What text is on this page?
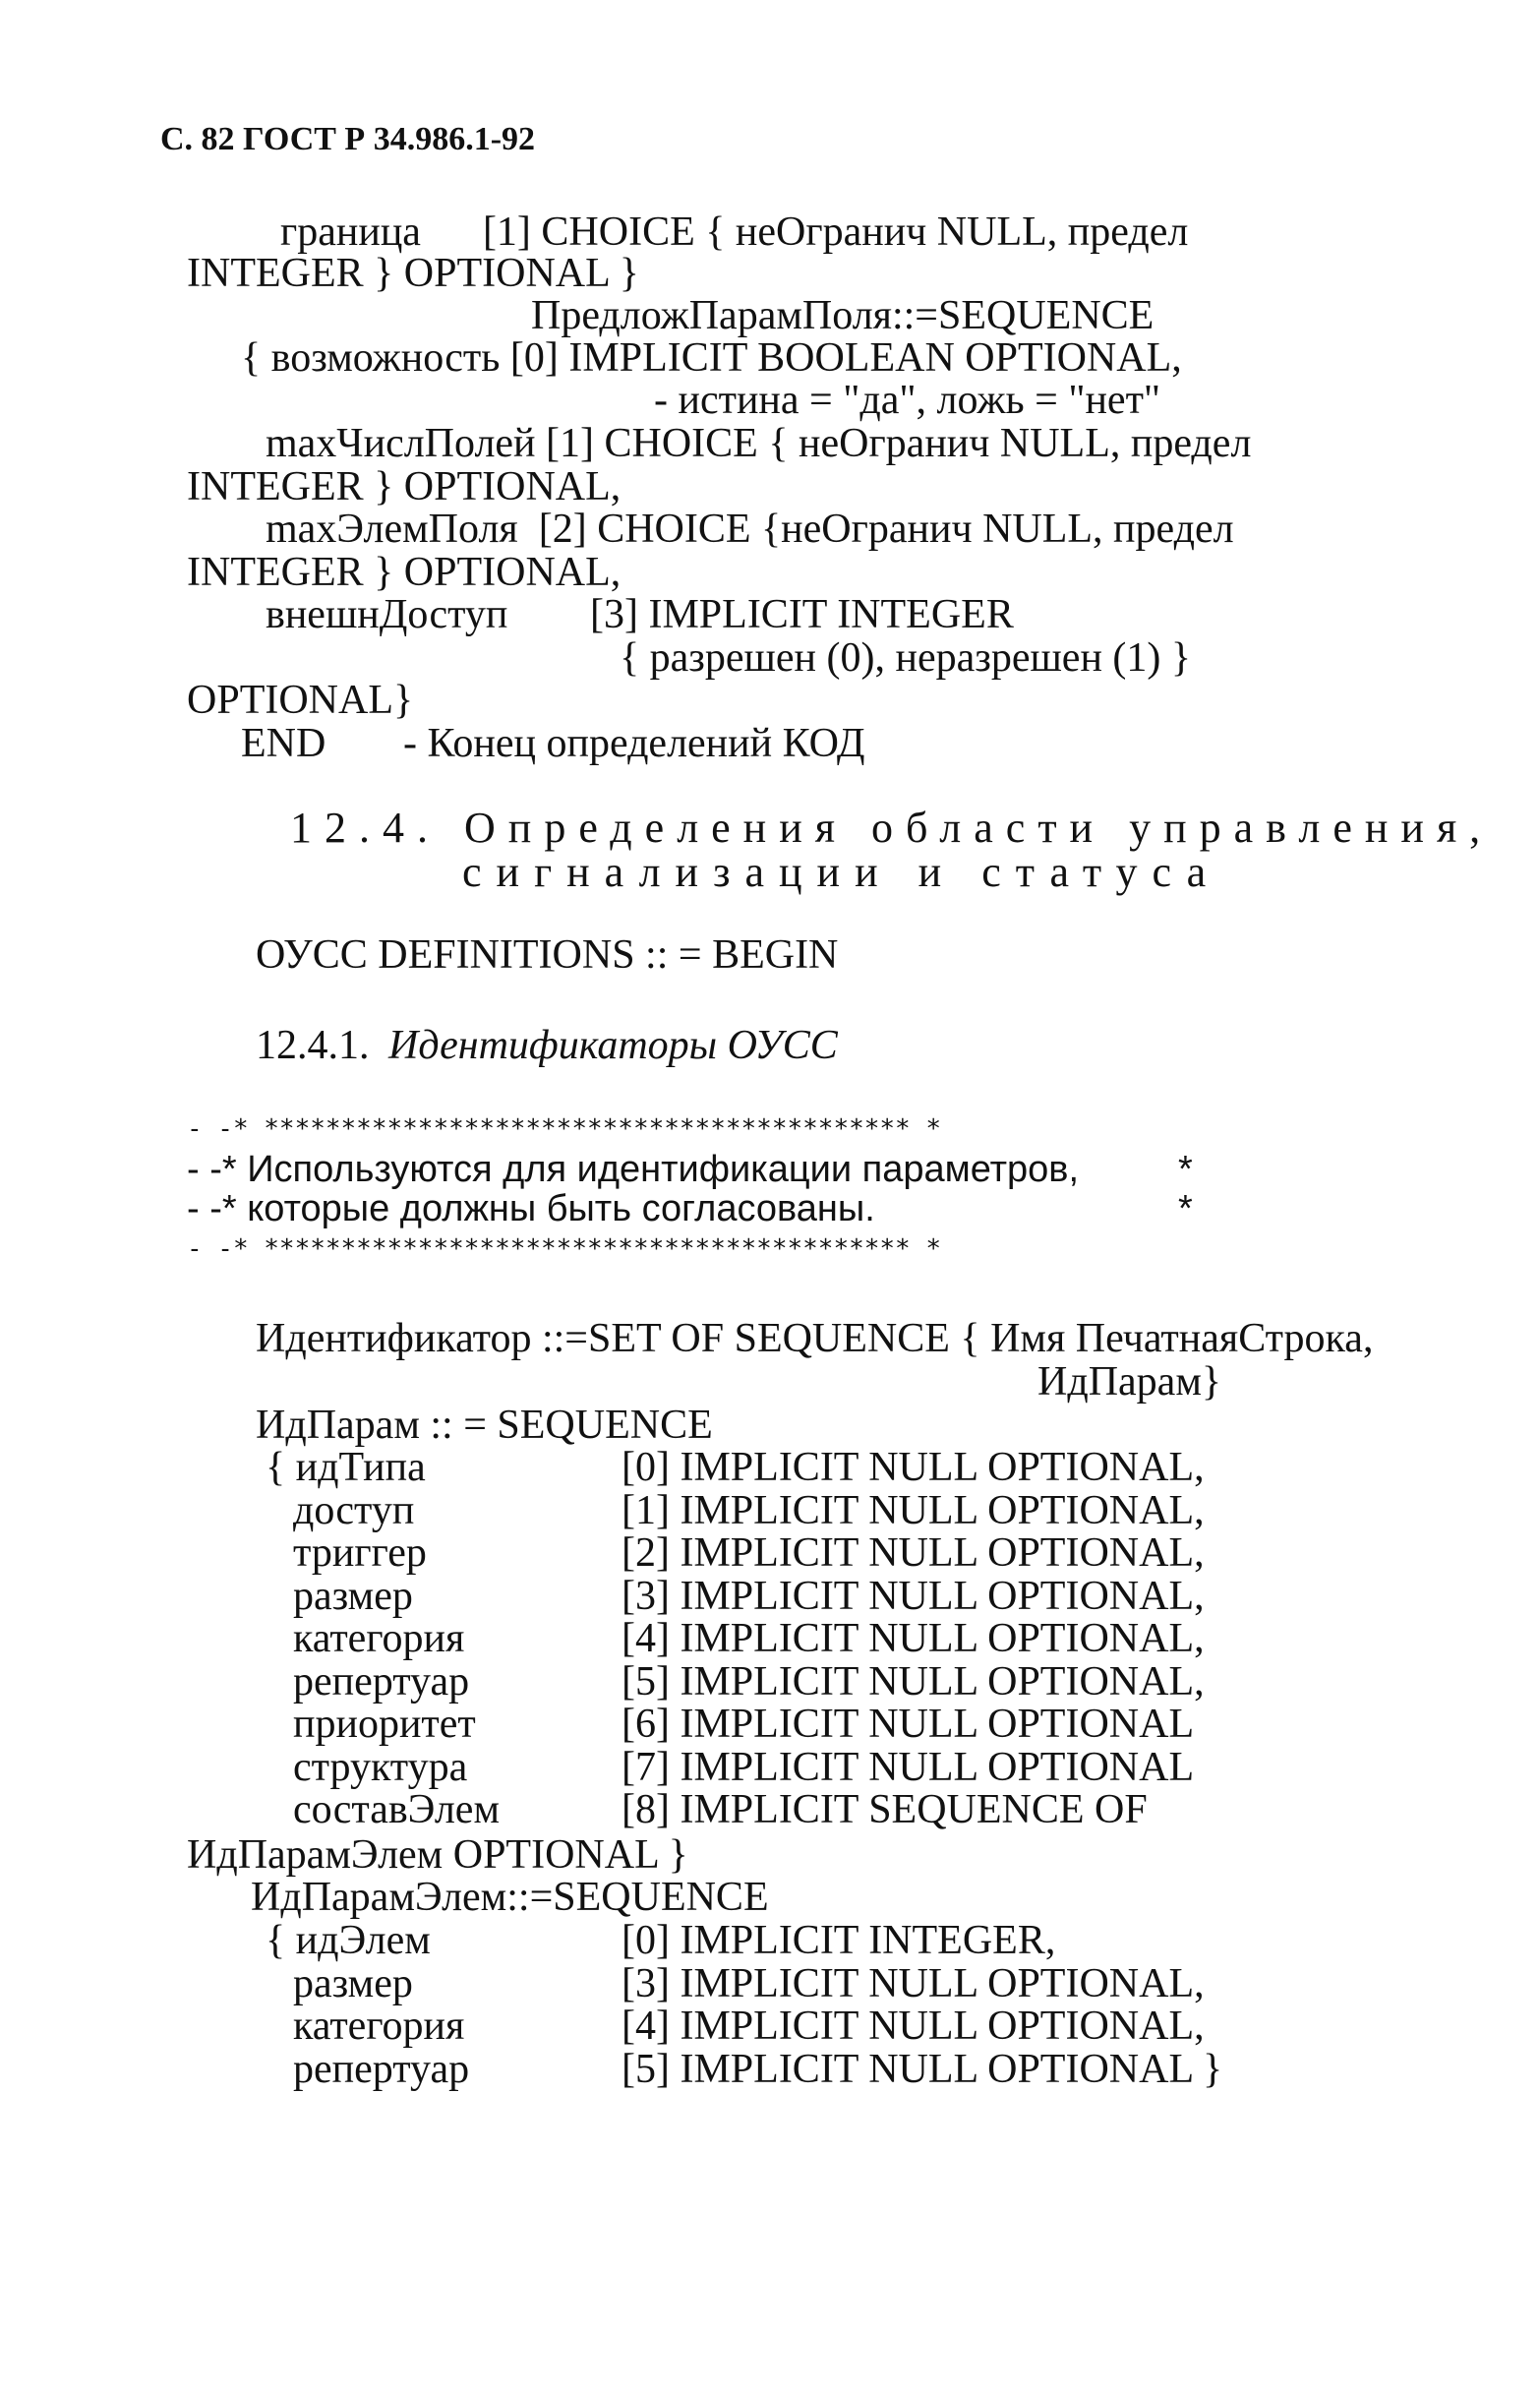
С. 82 ГОСТ Р 34.986.1-92
граница      [1] CHOICE { неОгранич NULL, предел
INTEGER } OPTIONAL }
ПредложПарамПоля::=SEQUENCE
{ возможность [0] IMPLICIT BOOLEAN OPTIONAL,
- истина = "да", ложь = "нет"
maxЧислПолей [1] CHOICE { неОгранич NULL, предел
INTEGER } OPTIONAL,
maxЭлемПоля  [2] CHOICE {неОгранич NULL, предел
INTEGER } OPTIONAL,
внешнДоступ [3] IMPLICIT INTEGER
{ разрешен (0), неразрешен (1) }
OPTIONAL}
END - Конец определений КОД
12.4. Определения области управления,
сигнализации и статуса
ОУСС DEFINITIONS :: = BEGIN
12.4.1. Идентификаторы ОУСС
- -* ****************************************** *
- -* Используются для идентификации параметров,	*
- -* которые должны быть согласованы.	*
- -* ****************************************** *
Идентификатор ::=SET OF SEQUENCE { Имя ПечатнаяСтрока,
ИдПарам}
ИдПарам :: = SEQUENCE
{ идТипа	[0] IMPLICIT NULL OPTIONAL,
доступ	[1] IMPLICIT NULL OPTIONAL,
триггер	[2] IMPLICIT NULL OPTIONAL,
размер	[3] IMPLICIT NULL OPTIONAL,
категория	[4] IMPLICIT NULL OPTIONAL,
репертуар	[5] IMPLICIT NULL OPTIONAL,
приоритет	[6] IMPLICIT NULL OPTIONAL
структура	[7] IMPLICIT NULL OPTIONAL
составЭлем	[8] IMPLICIT SEQUENCE OF
ИдПарамЭлем OPTIONAL }
ИдПарамЭлем::=SEQUENCE
{ идЭлем	[0] IMPLICIT INTEGER,
размер	[3] IMPLICIT NULL OPTIONAL,
категория	[4] IMPLICIT NULL OPTIONAL,
репертуар	[5] IMPLICIT NULL OPTIONAL }
